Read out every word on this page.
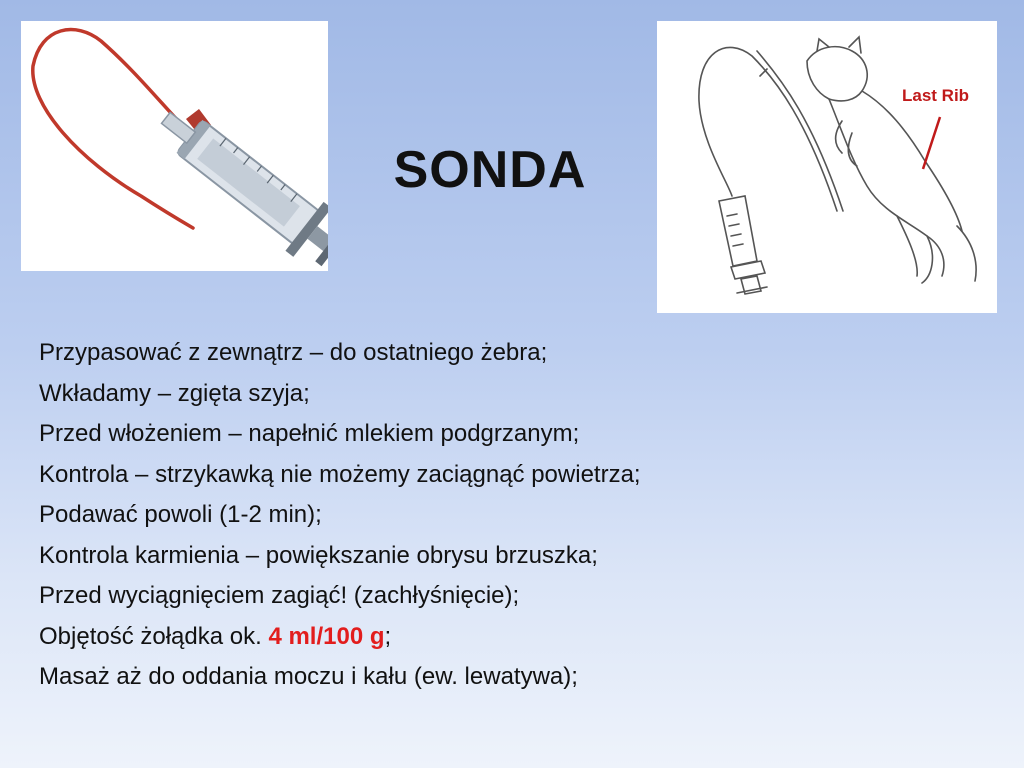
SONDA
Last Rib
Przypasować z zewnątrz – do ostatniego żebra;
Wkładamy – zgięta szyja;
Przed włożeniem – napełnić mlekiem podgrzanym;
Kontrola – strzykawką nie możemy zaciągnąć powietrza;
Podawać powoli (1-2 min);
Kontrola karmienia – powiększanie obrysu brzuszka;
Przed wyciągnięciem zagiąć! (zachłyśnięcie);
Objętość żołądka ok. 4 ml/100 g;
Masaż aż do oddania moczu i kału (ew. lewatywa);
